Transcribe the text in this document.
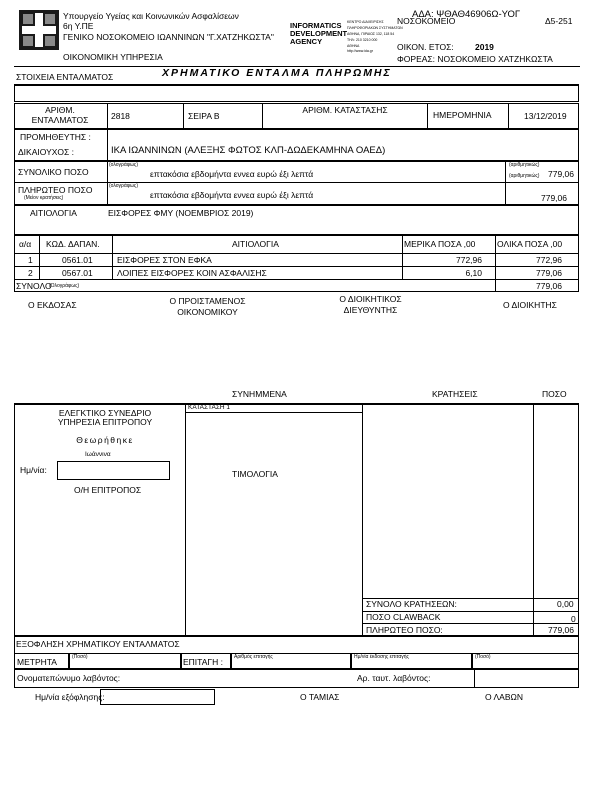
Υπουργείο Υγείας και Κοινωνικών Ασφαλίσεων
6η Υ.ΠΕ
ΓΕΝΙΚΟ ΝΟΣΟΚΟΜΕΙΟ ΙΩΑΝΝΙΝΩΝ "Γ.ΧΑΤΖΗΚΩΣΤΑ"
ΟΙΚΟΝΟΜΙΚΗ ΥΠΗΡΕΣΙΑ
INFORMATICS
DEVELOPMENT
AGENCY
ΚΕΝΤΡΟ ΔΙΑΧΕΙΡΙΣΗΣ
ΠΛΗΡΟΦΟΡΙΑΚΩΝ ΣΥΣΤΗΜΑΤΩΝ
ΑΘΗΝΑ, ΠΙΡΑΙΩΣ 132, 118 54
ΤΗΛ: 210 3210 000
ΑΘΗΝΑ
http://www.ida.gr
ΑΔΑ: ΨΘΑΘ46906Ω-ΥΟΓ
ΝΟΣΟΚΟΜΕΙΟ	Δ5-251
ΟΙΚΟΝ. ΕΤΟΣ: 2019
ΦΟΡΕΑΣ: ΝΟΣΟΚΟΜΕΙΟ ΧΑΤΖΗΚΩΣΤΑ
ΣΤΟΙΧΕΙΑ ΕΝΤΑΛΜΑΤΟΣ	ΧΡΗΜΑΤΙΚΟ ΕΝΤΑΛΜΑ ΠΛΗΡΩΜΗΣ
ΑΡΙΘΜ. ΕΝΤΑΛΜΑΤΟΣ	2818	ΣΕΙΡΑ Β
ΑΡΙΘΜ. ΚΑΤΑΣΤΑΣΗΣ	ΗΜΕΡΟΜΗΝΙΑ	13/12/2019
ΠΡΟΜΗΘΕΥΤΗΣ :
ΔΙΚΑΙΟΥΧΟΣ :	ΙΚΑ ΙΩΑΝΝΙΝΩΝ (ΑΛΕΞΗΣ ΦΩΤΟΣ ΚΛΠ-ΔΩΔΕΚΑΜΗΝΑ ΟΑΕΔ)
ΣΥΝΟΛΙΚΟ ΠΟΣΟ
(ολογράφως)
επτακόσια εβδομήντα εννεα ευρώ έξι λεπτά
(αριθμητικώς)
(αριθμητικώς) 779,06
ΠΛΗΡΩΤΕΟ ΠΟΣΟ
(Μείον κρατήσεις)
(ολογράφως)
επτακόσια εβδομήντα εννεα ευρώ έξι λεπτά	779,06
ΑΙΤΙΟΛΟΓΙΑ	ΕΙΣΦΟΡΕΣ ΦΜΥ (ΝΟΕΜΒΡΙΟΣ 2019)
α/α ΚΩΔ. ΔΑΠΑΝ.	ΑΙΤΙΟΛΟΓΙΑ	ΜΕΡΙΚΑ ΠΟΣΑ ,00	ΟΛΙΚΑ ΠΟΣΑ ,00
1	0561.01	ΕΙΣΦΟΡΕΣ ΣΤΟΝ ΕΦΚΑ	772,96	772,96
2	0567.01	ΛΟΙΠΕΣ ΕΙΣΦΟΡΕΣ ΚΟΙΝ ΑΣΦΑΛΙΣΗΣ	6,10	779,06
ΣΥΝΟΛΟ
(Ολογράφως)	779,06
Ο ΕΚΔΟΣΑΣ	Ο ΠΡΟΙΣΤΑΜΕΝΟΣ
ΟΙΚΟΝΟΜΙΚΟΥ
Ο ΔΙΟΙΚΗΤΙΚΟΣ
ΔΙΕΥΘΥΝΤΗΣ	Ο ΔΙΟΙΚΗΤΗΣ
ΣΥΝΗΜΜΕΝΑ	ΚΡΑΤΗΣΕΙΣ	ΠΟΣΟ
ΕΛΕΓΚΤΙΚΟ ΣΥΝΕΔΡΙΟ
ΥΠΗΡΕΣΙΑ ΕΠΙΤΡΟΠΟΥ
Θεωρήθηκε
Ιωάννινα
Ημ/νία:
Ο/Η ΕΠΙΤΡΟΠΟΣ
ΚΑΤΑΣΤΑΣΗ 1
ΤΙΜΟΛΟΓΙΑ
ΣΥΝΟΛΟ ΚΡΑΤΗΣΕΩΝ:	0,00
ΠΟΣΟ CLAWBACK	0
ΠΛΗΡΩΤΕΟ ΠΟΣΟ:	779,06
ΕΞΟΦΛΗΣΗ ΧΡΗΜΑΤΙΚΟΥ ΕΝΤΑΛΜΑΤΟΣ
ΜΕΤΡΗΤΑ	(Ποσό)	ΕΠΙΤΑΓΗ : Αριθμός επιταγής	Ημ/νία έκδοσης επιταγής	(Ποσό)
Ονοματεπώνυμο λαβόντος:	Αρ. ταυτ. λαβόντος:
Ημ/νία εξόφλησης:	Ο ΤΑΜΙΑΣ	Ο ΛΑΒΩΝ
